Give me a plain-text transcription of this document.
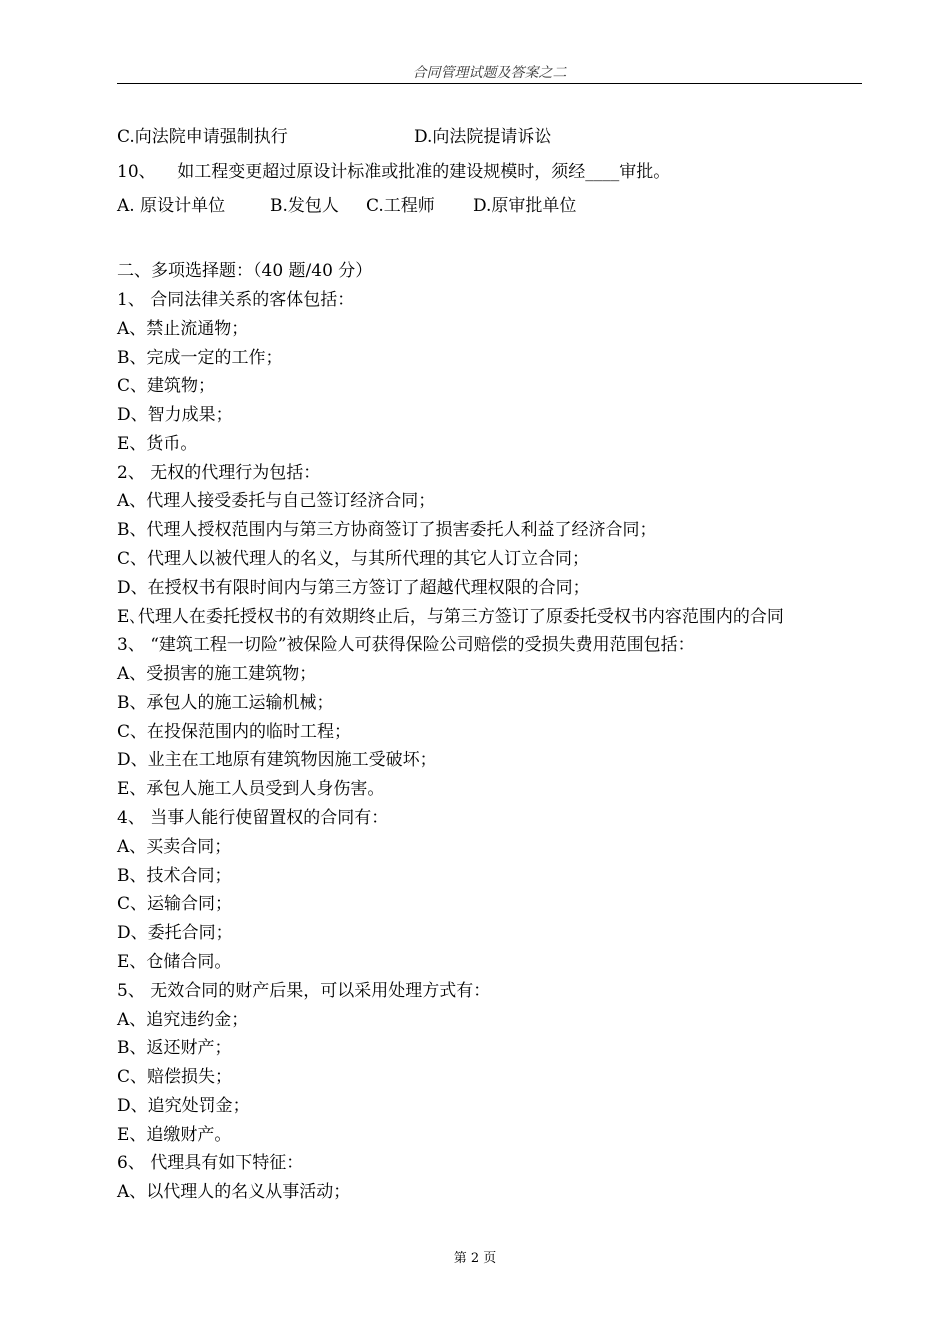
合同管理试题及答案之二
C.向法院申请强制执行	D.向法院提请诉讼
10、    如工程变更超过原设计标准或批准的建设规模时，须经____审批。
A. 原设计单位	B.发包人 C.工程师 D.原审批单位
二、多项选择题：（40 题/40 分）
1、 合同法律关系的客体包括：
A、禁止流通物；
B、完成一定的工作；
C、建筑物；
D、智力成果；
E、货币。
2、 无权的代理行为包括：
A、代理人接受委托与自己签订经济合同；
B、代理人授权范围内与第三方协商签订了损害委托人利益了经济合同；
C、代理人以被代理人的名义，与其所代理的其它人订立合同；
D、在授权书有限时间内与第三方签订了超越代理权限的合同；
E､代理人在委托授权书的有效期终止后，与第三方签订了原委托受权书内容范围内的合同
3、 “建筑工程一切险”被保险人可获得保险公司赔偿的受损失费用范围包括：
A、受损害的施工建筑物；
B、承包人的施工运输机械；
C、在投保范围内的临时工程；
D、业主在工地原有建筑物因施工受破坏；
E、承包人施工人员受到人身伤害。
4、 当事人能行使留置权的合同有：
A、买卖合同；
B、技术合同；
C、运输合同；
D、委托合同；
E、仓储合同。
5、 无效合同的财产后果，可以采用处理方式有：
A、追究违约金；
B、返还财产；
C、赔偿损失；
D、追究处罚金；
E、追缴财产。
6、 代理具有如下特征：
A、以代理人的名义从事活动；
第 2 页
